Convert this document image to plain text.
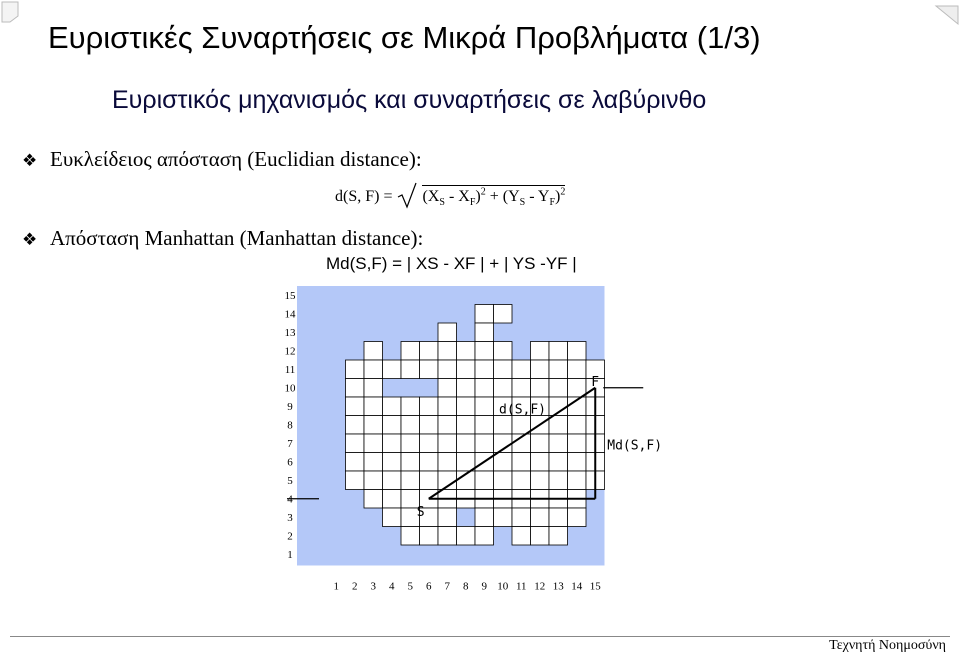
Ευριστικές Συναρτήσεις σε Μικρά Προβλήματα (1/3)
Ευριστικός μηχανισμός και συναρτήσεις σε λαβύρινθο
❖ Ευκλείδειος απόσταση (Euclidian distance):
d(S, $F) = (X_S - X_F)^2 + (Y_S - Y_F)^2$
❖ Απόσταση Manhattan (Manhattan distance):
Md(S,F) = | XS - XF | + | YS -YF |
15
14
13
12
11
10
9
8
7
6
5
4
3
2
1
1 2 3 4 5 6 7 8 9 10 11 12 13 14 15
S
F
d(S,F)
Md(S,F)
Τεχνητή Νοημοσύνη
